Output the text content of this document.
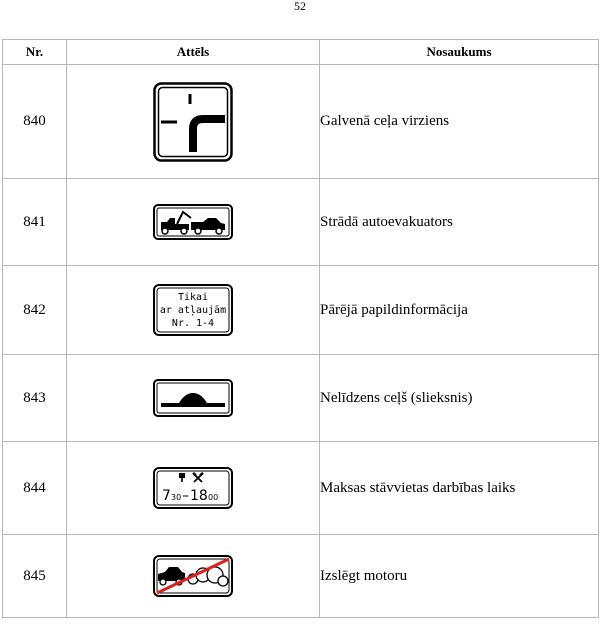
52
Nr.	Attēls	Nosaukums
840		Galvenā ceļa virziens
841		Strādā autoevakuators
842	Tikai
ar atļaujām
Nr. 1-4	Pārējā papildinformācija
843		Nelīdzens ceļš (slieksnis)
844	7 30 – 18 00	Maksas stāvvietas darbības laiks
845		Izslēgt motoru
